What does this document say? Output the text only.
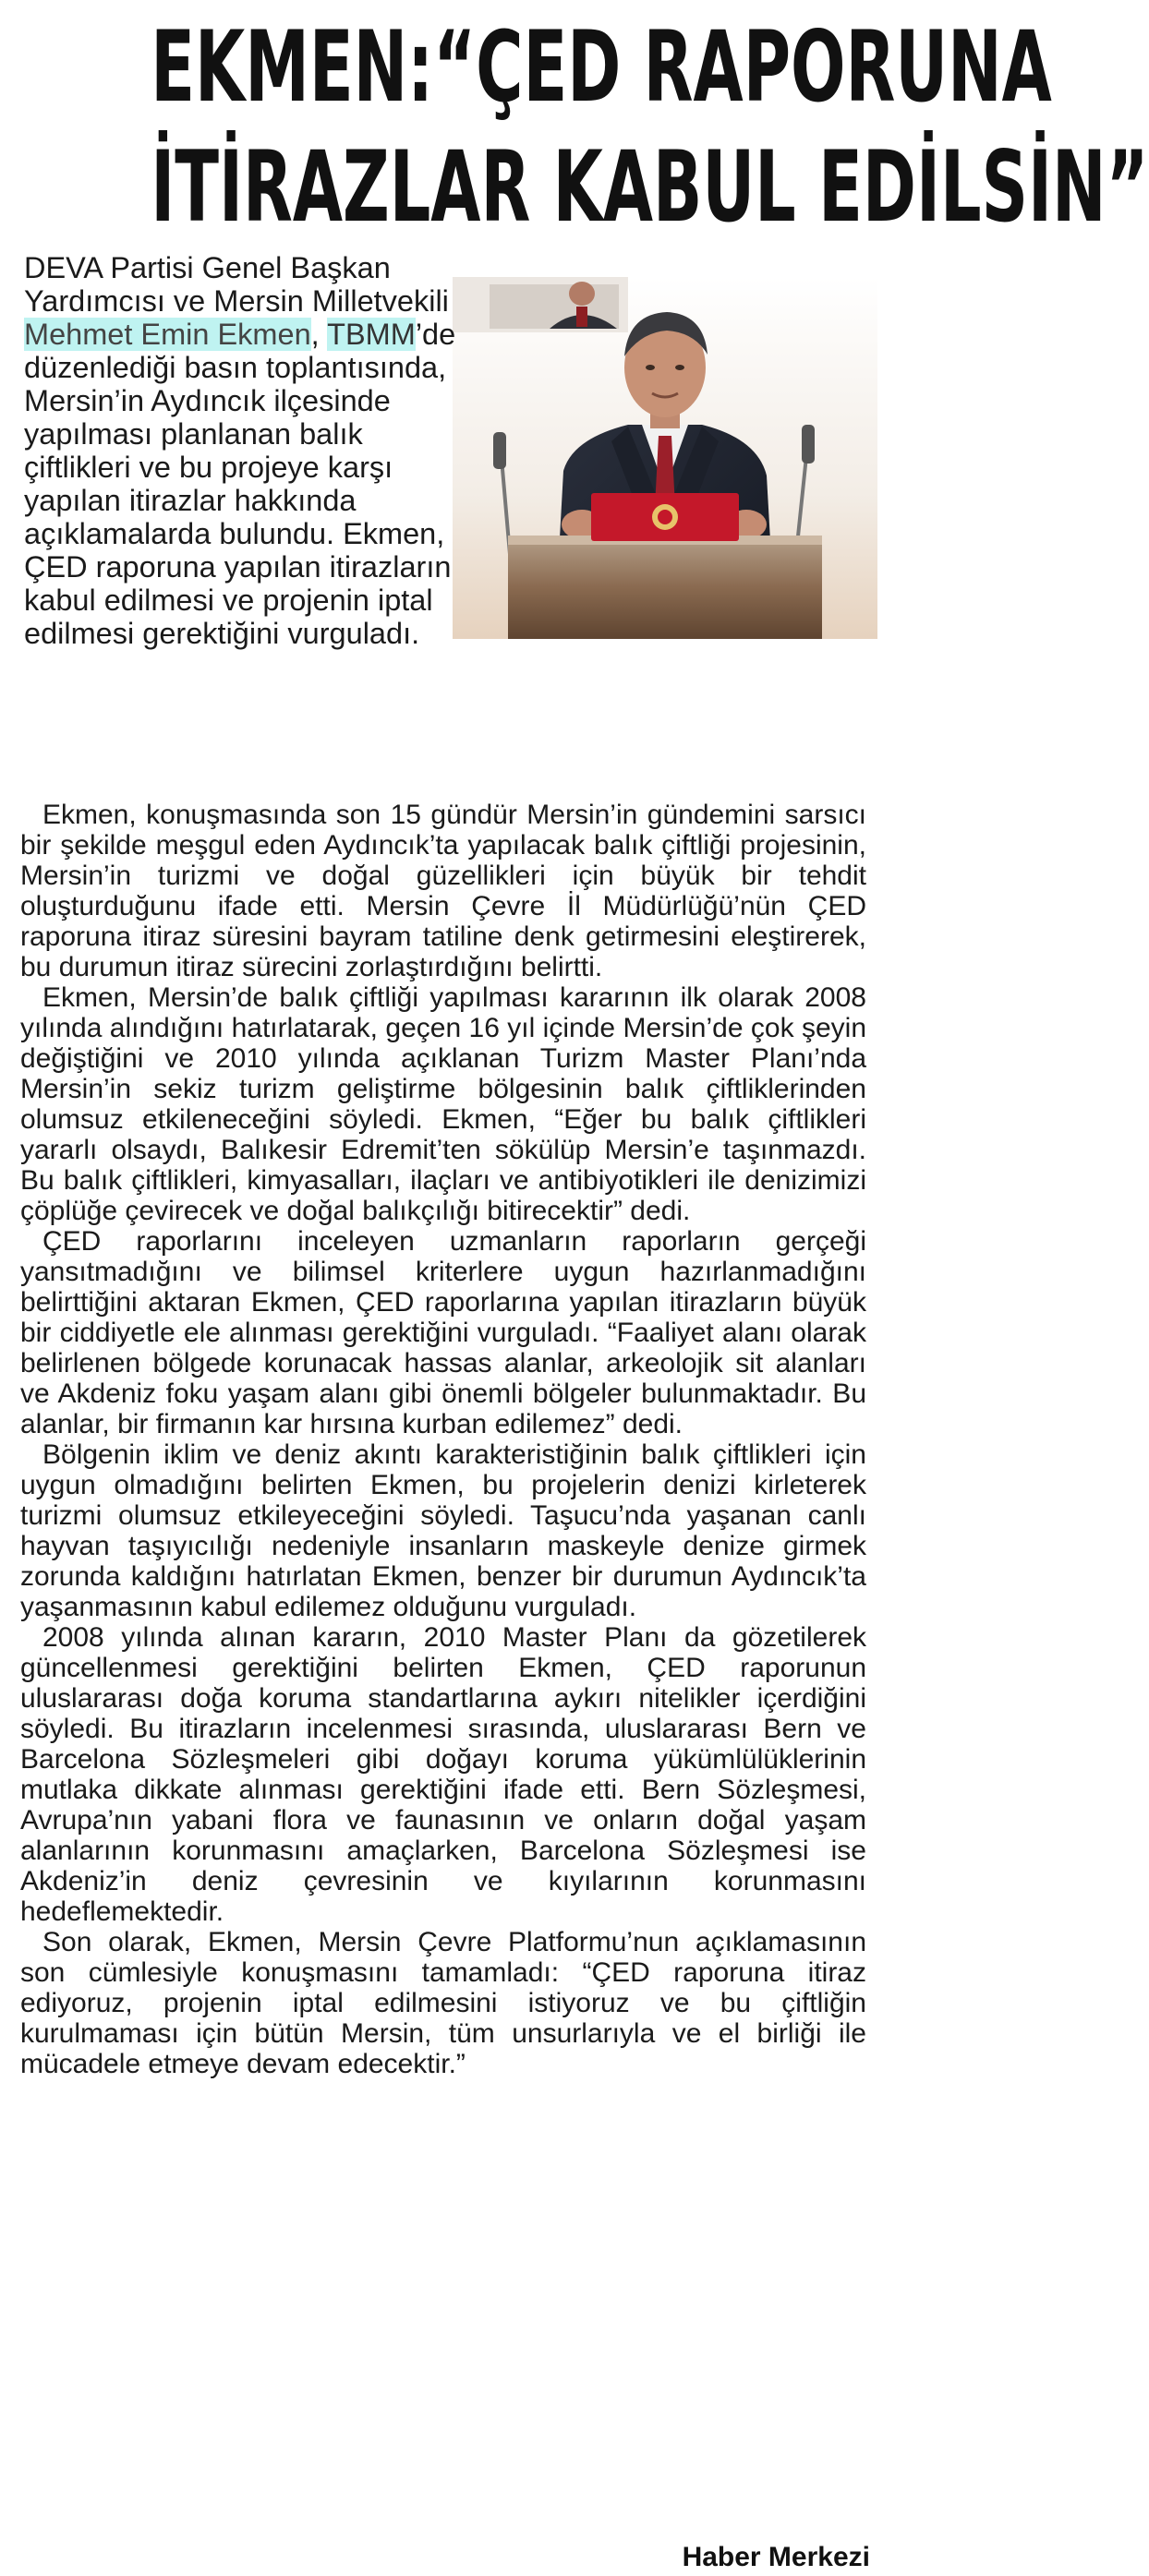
EKMEN:“ÇED RAPORUNA
İTİRAZLAR KABUL EDİLSİN”

DEVA Partisi Genel Başkan Yardımcısı ve Mersin Milletvekili Mehmet Emin Ekmen, TBMM’de düzenlediği basın toplantısında, Mersin’in Aydıncık ilçesinde yapılması planlanan balık çiftlikleri ve bu projeye karşı yapılan itirazlar hakkında açıklamalarda bulundu. Ekmen, ÇED raporuna yapılan itirazların kabul edilmesi ve projenin iptal edilmesi gerektiğini vurguladı.

Ekmen, konuşmasında son 15 gündür Mersin’in gündemini sarsıcı bir şekilde meşgul eden Aydıncık’ta yapılacak balık çiftliği projesinin, Mersin’in turizmi ve doğal güzellikleri için büyük bir tehdit oluşturduğunu ifade etti. Mersin Çevre İl Müdürlüğü’nün ÇED raporuna itiraz süresini bayram tatiline denk getirmesini eleştirerek, bu durumun itiraz sürecini zorlaştırdığını belirtti.

Ekmen, Mersin’de balık çiftliği yapılması kararının ilk olarak 2008 yılında alındığını hatırlatarak, geçen 16 yıl içinde Mersin’de çok şeyin değiştiğini ve 2010 yılında açıklanan Turizm Master Planı’nda Mersin’in sekiz turizm geliştirme bölgesinin balık çiftliklerinden olumsuz etkileneceğini söyledi. Ekmen, “Eğer bu balık çiftlikleri yararlı olsaydı, Balıkesir Edremit’ten sökülüp Mersin’e taşınmazdı. Bu balık çiftlikleri, kimyasalları, ilaçları ve antibiyotikleri ile denizimizi çöplüğe çevirecek ve doğal balıkçılığı bitirecektir” dedi.

ÇED raporlarını inceleyen uzmanların raporların gerçeği yansıtmadığını ve bilimsel kriterlere uygun hazırlanmadığını belirttiğini aktaran Ekmen, ÇED raporlarına yapılan itirazların büyük bir ciddiyetle ele alınması gerektiğini vurguladı. “Faaliyet alanı olarak belirlenen bölgede korunacak hassas alanlar, arkeolojik sit alanları ve Akdeniz foku yaşam alanı gibi önemli bölgeler bulunmaktadır. Bu alanlar, bir firmanın kar hırsına kurban edilemez” dedi.

Bölgenin iklim ve deniz akıntı karakteristiğinin balık çiftlikleri için uygun olmadığını belirten Ekmen, bu projelerin denizi kirleterek turizmi olumsuz etkileyeceğini söyledi. Taşucu’nda yaşanan canlı hayvan taşıyıcılığı nedeniyle insanların maskeyle denize girmek zorunda kaldığını hatırlatan Ekmen, benzer bir durumun Aydıncık’ta yaşanmasının kabul edilemez olduğunu vurguladı.

2008 yılında alınan kararın, 2010 Master Planı da gözetilerek güncellenmesi gerektiğini belirten Ekmen, ÇED raporunun uluslararası doğa koruma standartlarına aykırı nitelikler içerdiğini söyledi. Bu itirazların incelenmesi sırasında, uluslararası Bern ve Barcelona Sözleşmeleri gibi doğayı koruma yükümlülüklerinin mutlaka dikkate alınması gerektiğini ifade etti. Bern Sözleşmesi, Avrupa’nın yabani flora ve faunasının ve onların doğal yaşam alanlarının korunmasını amaçlarken, Barcelona Sözleşmesi ise Akdeniz’in deniz çevresinin ve kıyılarının korunmasını hedeflemektedir.

Son olarak, Ekmen, Mersin Çevre Platformu’nun açıklamasının son cümlesiyle konuşmasını tamamladı: “ÇED raporuna itiraz ediyoruz, projenin iptal edilmesini istiyoruz ve bu çiftliğin kurulmaması için bütün Mersin, tüm unsurlarıyla ve el birliği ile mücadele etmeye devam edecektir.”

Haber Merkezi
